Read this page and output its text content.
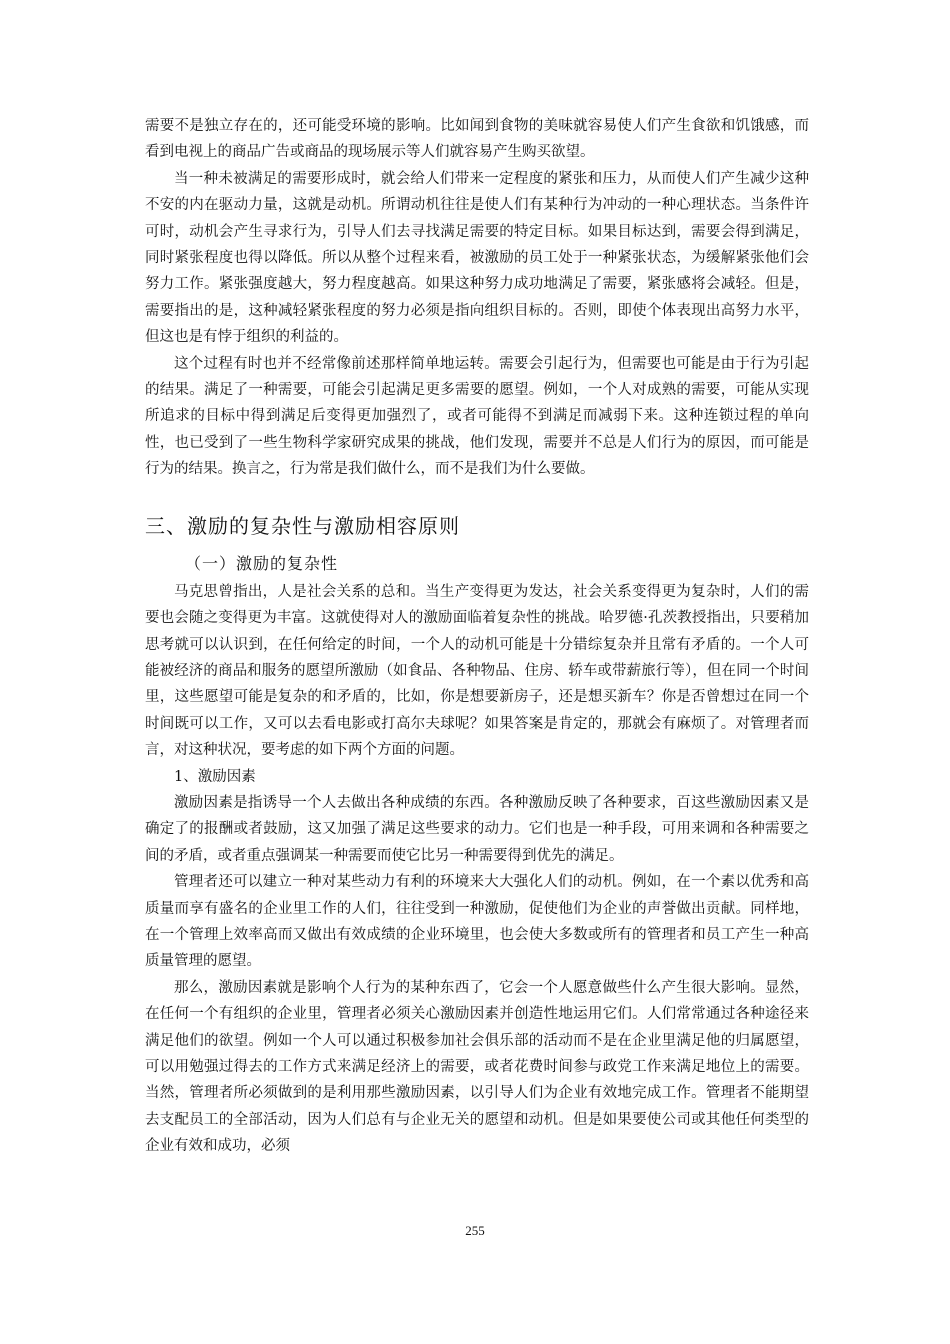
需要不是独立存在的，还可能受环境的影响。比如闻到食物的美味就容易使人们产生食欲和饥饿感，而看到电视上的商品广告或商品的现场展示等人们就容易产生购买欲望。

当一种未被满足的需要形成时，就会给人们带来一定程度的紧张和压力，从而使人们产生减少这种不安的内在驱动力量，这就是动机。所谓动机往往是使人们有某种行为冲动的一种心理状态。当条件许可时，动机会产生寻求行为，引导人们去寻找满足需要的特定目标。如果目标达到，需要会得到满足，同时紧张程度也得以降低。所以从整个过程来看，被激励的员工处于一种紧张状态，为缓解紧张他们会努力工作。紧张强度越大，努力程度越高。如果这种努力成功地满足了需要，紧张感将会减轻。但是，需要指出的是，这种减轻紧张程度的努力必须是指向组织目标的。否则，即使个体表现出高努力水平，但这也是有悖于组织的利益的。

这个过程有时也并不经常像前述那样简单地运转。需要会引起行为，但需要也可能是由于行为引起的结果。满足了一种需要，可能会引起满足更多需要的愿望。例如，一个人对成熟的需要，可能从实现所追求的目标中得到满足后变得更加强烈了，或者可能得不到满足而减弱下来。这种连锁过程的单向性，也已受到了一些生物科学家研究成果的挑战，他们发现，需要并不总是人们行为的原因，而可能是行为的结果。换言之，行为常是我们做什么，而不是我们为什么要做。

三、激励的复杂性与激励相容原则
（一）激励的复杂性

马克思曾指出，人是社会关系的总和。当生产变得更为发达，社会关系变得更为复杂时，人们的需要也会随之变得更为丰富。这就使得对人的激励面临着复杂性的挑战。哈罗德·孔茨教授指出，只要稍加思考就可以认识到，在任何给定的时间，一个人的动机可能是十分错综复杂并且常有矛盾的。一个人可能被经济的商品和服务的愿望所激励（如食品、各种物品、住房、轿车或带薪旅行等），但在同一个时间里，这些愿望可能是复杂的和矛盾的，比如，你是想要新房子，还是想买新车？你是否曾想过在同一个时间既可以工作，又可以去看电影或打高尔夫球呢？如果答案是肯定的，那就会有麻烦了。对管理者而言，对这种状况，要考虑的如下两个方面的问题。

1、激励因素

激励因素是指诱导一个人去做出各种成绩的东西。各种激励反映了各种要求，百这些激励因素又是确定了的报酬或者鼓励，这又加强了满足这些要求的动力。它们也是一种手段，可用来调和各种需要之间的矛盾，或者重点强调某一种需要而使它比另一种需要得到优先的满足。

管理者还可以建立一种对某些动力有利的环境来大大强化人们的动机。例如，在一个素以优秀和高质量而享有盛名的企业里工作的人们，往往受到一种激励，促使他们为企业的声誉做出贡献。同样地，在一个管理上效率高而又做出有效成绩的企业环境里，也会使大多数或所有的管理者和员工产生一种高质量管理的愿望。

那么，激励因素就是影响个人行为的某种东西了，它会一个人愿意做些什么产生很大影响。显然，在任何一个有组织的企业里，管理者必须关心激励因素并创造性地运用它们。人们常常通过各种途径来满足他们的欲望。例如一个人可以通过积极参加社会俱乐部的活动而不是在企业里满足他的归属愿望，可以用勉强过得去的工作方式来满足经济上的需要，或者花费时间参与政党工作来满足地位上的需要。当然，管理者所必须做到的是利用那些激励因素，以引导人们为企业有效地完成工作。管理者不能期望去支配员工的全部活动，因为人们总有与企业无关的愿望和动机。但是如果要使公司或其他任何类型的企业有效和成功，必须

255
